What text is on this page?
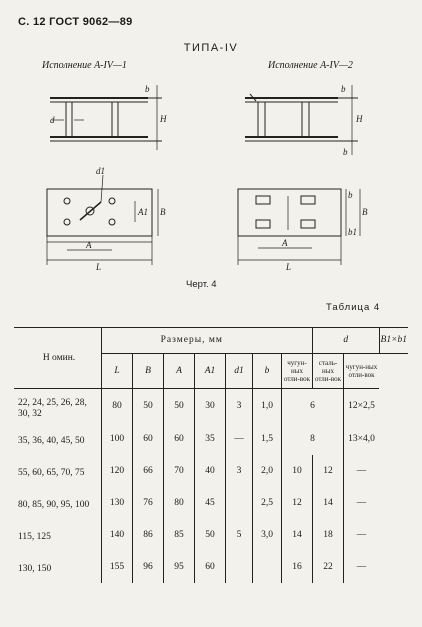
С. 12 ГОСТ 9062—89
ТИПА-IV
Исполнение А-IV—1	Исполнение А-IV—2
b
H
d
b
H
b
d1
B
A1
A
L
B
b
b1
A
L
Черт. 4
Таблица 4
Н омин.	Размеры, мм							d		B1×b1
	L	B	A	A1	d1	b	чугун-ных отли-вок	сталь-ных отли-вок	чугун-ных отли-вок	
22, 24, 25, 26, 28, 30, 32	80	50	50	30	3	1,0	6		12×2,5	
35, 36, 40, 45, 50	100	60	60	35	—	1,5	8		13×4,0	
55, 60, 65, 70, 75	120	66	70	40	3	2,0	10	12	—	
80, 85, 90, 95, 100	130	76	80	45		2,5	12	14	—	
115, 125	140	86	85	50	5	3,0	14	18	—	
130, 150	155	96	95	60			16	22	—	
